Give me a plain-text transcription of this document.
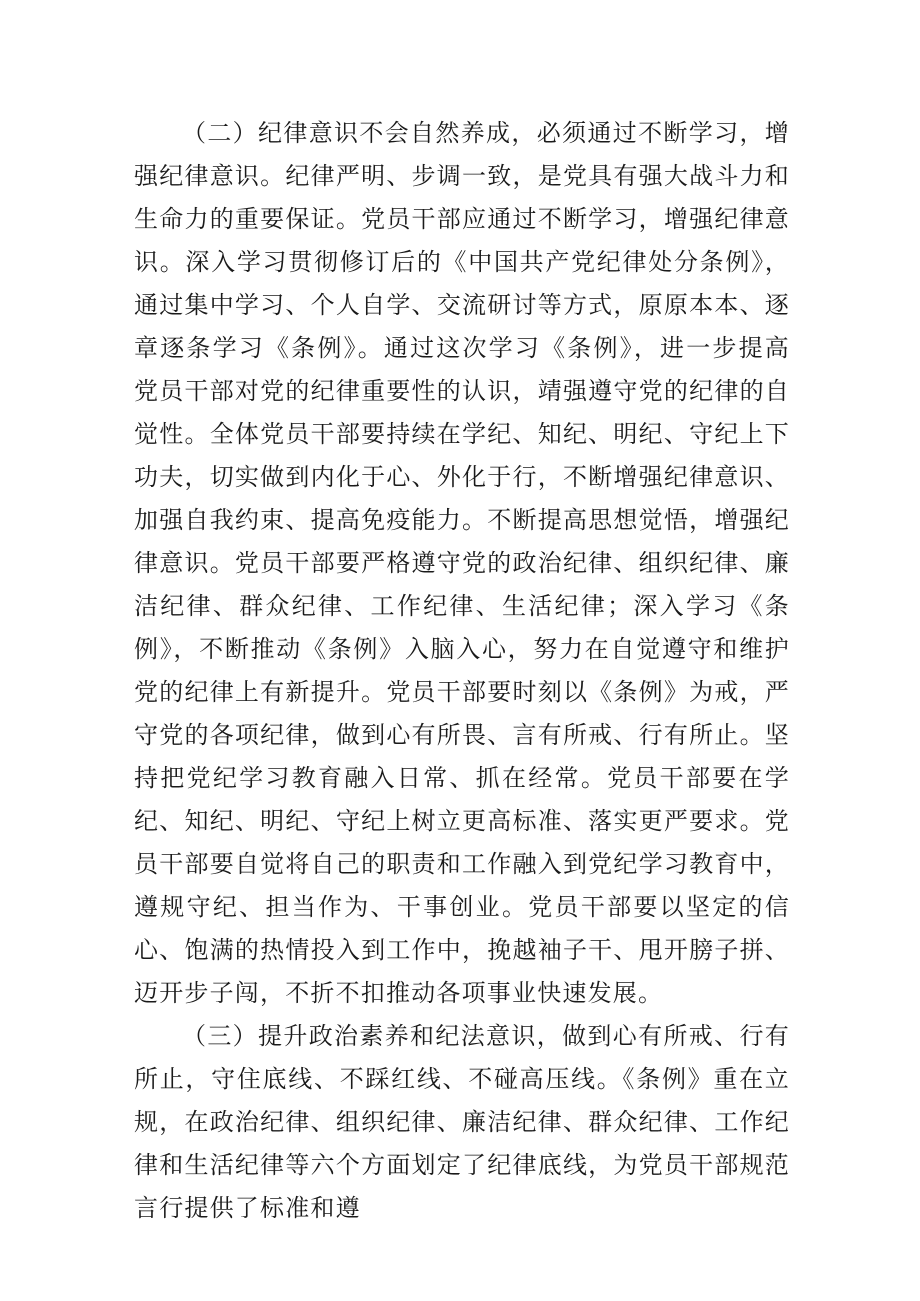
（二）纪律意识不会自然养成，必须通过不断学习，增强纪律意识。纪律严明、步调一致，是党具有强大战斗力和生命力的重要保证。党员干部应通过不断学习，增强纪律意识。深入学习贯彻修订后的《中国共产党纪律处分条例》，通过集中学习、个人自学、交流研讨等方式，原原本本、逐章逐条学习《条例》。通过这次学习《条例》，进一步提高党员干部对党的纪律重要性的认识，靖强遵守党的纪律的自觉性。全体党员干部要持续在学纪、知纪、明纪、守纪上下功夫，切实做到内化于心、外化于行，不断增强纪律意识、加强自我约束、提高免疫能力。不断提高思想觉悟，增强纪律意识。党员干部要严格遵守党的政治纪律、组织纪律、廉洁纪律、群众纪律、工作纪律、生活纪律；深入学习《条例》，不断推动《条例》入脑入心，努力在自觉遵守和维护党的纪律上有新提升。党员干部要时刻以《条例》为戒，严守党的各项纪律，做到心有所畏、言有所戒、行有所止。坚持把党纪学习教育融入日常、抓在经常。党员干部要在学纪、知纪、明纪、守纪上树立更高标准、落实更严要求。党员干部要自觉将自己的职责和工作融入到党纪学习教育中，遵规守纪、担当作为、干事创业。党员干部要以坚定的信心、饱满的热情投入到工作中，挽越袖子干、甩开膀子拼、迈开步子闯，不折不扣推动各项事业快速发展。

（三）提升政治素养和纪法意识，做到心有所戒、行有所止，守住底线、不踩红线、不碰高压线。《条例》重在立规，在政治纪律、组织纪律、廉洁纪律、群众纪律、工作纪律和生活纪律等六个方面划定了纪律底线，为党员干部规范言行提供了标准和遵
